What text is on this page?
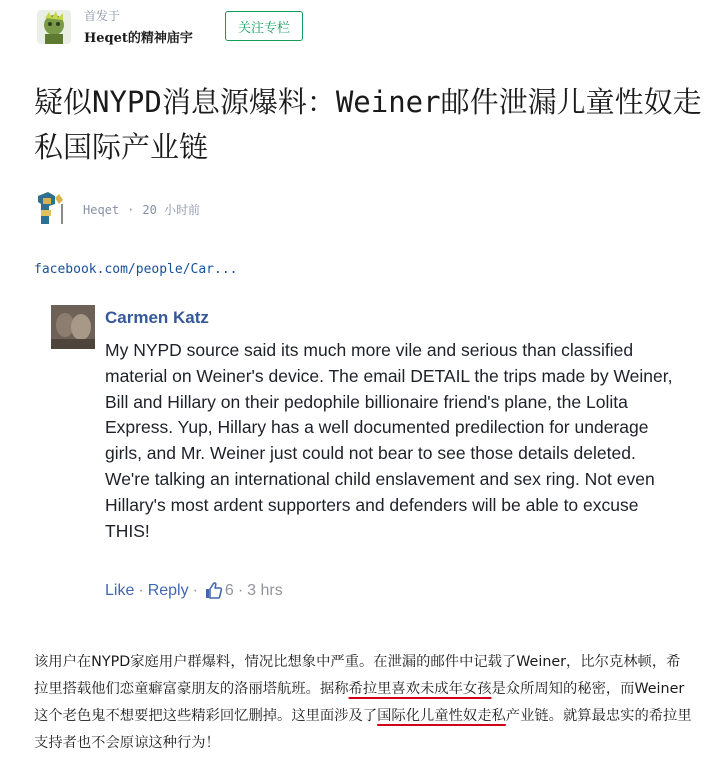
首发于
Heqet的精神庙宇
关注专栏
疑似NYPD消息源爆料：Weiner邮件泄漏儿童性奴走私国际产业链
Heqet · 20 小时前
facebook.com/people/Car...
Carmen Katz
My NYPD source said its much more vile and serious than classified material on Weiner's device. The email DETAIL the trips made by Weiner, Bill and Hillary on their pedophile billionaire friend's plane, the Lolita Express. Yup, Hillary has a well documented predilection for underage girls, and Mr. Weiner just could not bear to see those details deleted. We're talking an international child enslavement and sex ring. Not even Hillary's most ardent supporters and defenders will be able to excuse THIS!
Like · Reply · 6 · 3 hrs
该用户在NYPD家庭用户群爆料，情况比想象中严重。在泄漏的邮件中记载了Weiner，比尔克林顿，希拉里搭载他们恋童癖富豪朋友的洛丽塔航班。据称希拉里喜欢未成年女孩是众所周知的秘密，而Weiner这个老色鬼不想要把这些精彩回忆删掉。这里面涉及了国际化儿童性奴走私产业链。就算最忠实的希拉里支持者也不会原谅这种行为！
